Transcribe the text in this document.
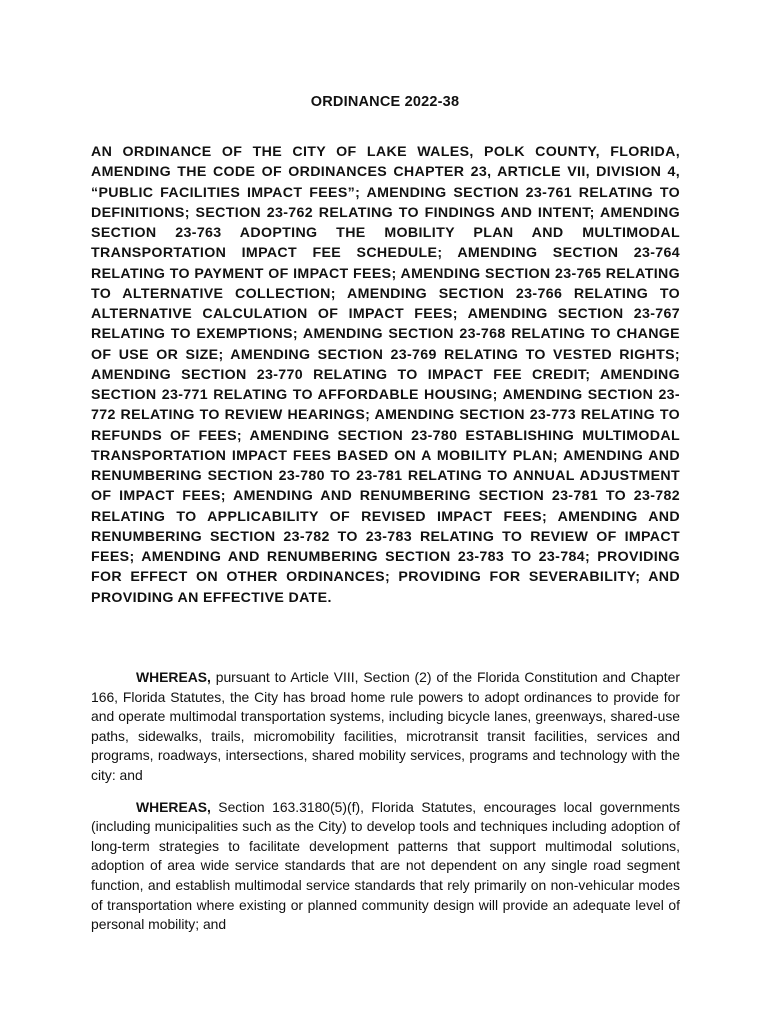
ORDINANCE 2022-38

AN ORDINANCE OF THE CITY OF LAKE WALES, POLK COUNTY, FLORIDA, AMENDING THE CODE OF ORDINANCES CHAPTER 23, ARTICLE VII, DIVISION 4, “PUBLIC FACILITIES IMPACT FEES”; AMENDING SECTION 23-761 RELATING TO DEFINITIONS; SECTION 23-762 RELATING TO FINDINGS AND INTENT; AMENDING SECTION 23-763 ADOPTING THE MOBILITY PLAN AND MULTIMODAL TRANSPORTATION IMPACT FEE SCHEDULE; AMENDING SECTION 23-764 RELATING TO PAYMENT OF IMPACT FEES; AMENDING SECTION 23-765 RELATING TO ALTERNATIVE COLLECTION; AMENDING SECTION 23-766 RELATING TO ALTERNATIVE CALCULATION OF IMPACT FEES; AMENDING SECTION 23-767 RELATING TO EXEMPTIONS; AMENDING SECTION 23-768 RELATING TO CHANGE OF USE OR SIZE; AMENDING SECTION 23-769 RELATING TO VESTED RIGHTS; AMENDING SECTION 23-770 RELATING TO IMPACT FEE CREDIT; AMENDING SECTION 23-771 RELATING TO AFFORDABLE HOUSING; AMENDING SECTION 23-772 RELATING TO REVIEW HEARINGS; AMENDING SECTION 23-773 RELATING TO REFUNDS OF FEES; AMENDING SECTION 23-780 ESTABLISHING MULTIMODAL TRANSPORTATION IMPACT FEES BASED ON A MOBILITY PLAN; AMENDING AND RENUMBERING SECTION 23-780 TO 23-781 RELATING TO ANNUAL ADJUSTMENT OF IMPACT FEES; AMENDING AND RENUMBERING SECTION 23-781 TO 23-782 RELATING TO APPLICABILITY OF REVISED IMPACT FEES; AMENDING AND RENUMBERING SECTION 23-782 TO 23-783 RELATING TO REVIEW OF IMPACT FEES; AMENDING AND RENUMBERING SECTION 23-783 TO 23-784; PROVIDING FOR EFFECT ON OTHER ORDINANCES; PROVIDING FOR SEVERABILITY; AND PROVIDING AN EFFECTIVE DATE.

WHEREAS, pursuant to Article VIII, Section (2) of the Florida Constitution and Chapter 166, Florida Statutes, the City has broad home rule powers to adopt ordinances to provide for and operate multimodal transportation systems, including bicycle lanes, greenways, shared-use paths, sidewalks, trails, micromobility facilities, microtransit transit facilities, services and programs, roadways, intersections, shared mobility services, programs and technology with the city: and

WHEREAS, Section 163.3180(5)(f), Florida Statutes, encourages local governments (including municipalities such as the City) to develop tools and techniques including adoption of long-term strategies to facilitate development patterns that support multimodal solutions, adoption of area wide service standards that are not dependent on any single road segment function, and establish multimodal service standards that rely primarily on non-vehicular modes of transportation where existing or planned community design will provide an adequate level of personal mobility; and
